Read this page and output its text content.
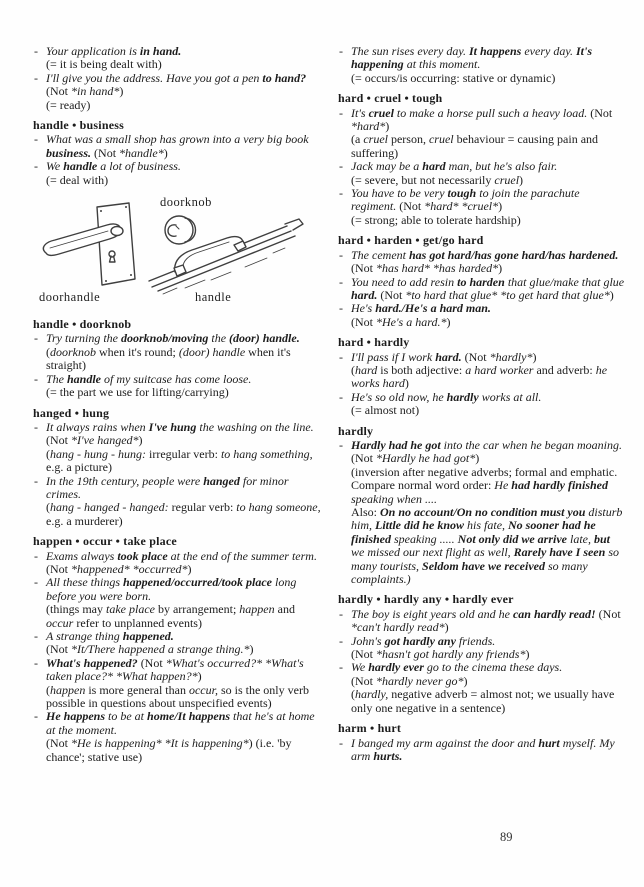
- Your application is in hand.
(= it is being dealt with)
- I'll give you the address. Have you got a pen to hand? (Not *in hand*)
(= ready)
handle • business
- What was a small shop has grown into a very big book business. (Not *handle*)
- We handle a lot of business.
(= deal with)
doorknob
doorhandle	handle
handle • doorknob
- Try turning the doorknob/moving the (door) handle.
(doorknob when it's round; (door) handle when it's straight)
- The handle of my suitcase has come loose.
(= the part we use for lifting/carrying)
hanged • hung
- It always rains when I've hung the washing on the line. (Not *I've hanged*)
(hang - hung - hung: irregular verb: to hang something, e.g. a picture)
- In the 19th century, people were hanged for minor crimes.
(hang - hanged - hanged: regular verb: to hang someone, e.g. a murderer)
happen • occur • take place
- Exams always took place at the end of the summer term. (Not *happened* *occurred*)
- All these things happened/occurred/took place long before you were born.
(things may take place by arrangement; happen and occur refer to unplanned events)
- A strange thing happened.
(Not *It/There happened a strange thing.*)
- What's happened? (Not *What's occurred?* *What's taken place?* *What happen?*)
(happen is more general than occur, so is the only verb possible in questions about unspecified events)
- He happens to be at home/It happens that he's at home at the moment.
(Not *He is happening* *It is happening*) (i.e. 'by chance'; stative use)
- The sun rises every day. It happens every day. It's happening at this moment.
(= occurs/is occurring: stative or dynamic)
hard • cruel • tough
- It's cruel to make a horse pull such a heavy load. (Not *hard*)
(a cruel person, cruel behaviour = causing pain and suffering)
- Jack may be a hard man, but he's also fair.
(= severe, but not necessarily cruel)
- You have to be very tough to join the parachute regiment. (Not *hard* *cruel*)
(= strong; able to tolerate hardship)
hard • harden • get/go hard
- The cement has got hard/has gone hard/has hardened. (Not *has hard* *has harded*)
- You need to add resin to harden that glue/make that glue hard. (Not *to hard that glue* *to get hard that glue*)
- He's hard./He's a hard man.
(Not *He's a hard.*)
hard • hardly
- I'll pass if I work hard. (Not *hardly*)
(hard is both adjective: a hard worker and adverb: he works hard)
- He's so old now, he hardly works at all.
(= almost not)
hardly
- Hardly had he got into the car when he began moaning. (Not *Hardly he had got*)
(inversion after negative adverbs; formal and emphatic. Compare normal word order: He had hardly finished speaking when ....
Also: On no account/On no condition must you disturb him, Little did he know his fate, No sooner had he finished speaking ..... Not only did we arrive late, but we missed our next flight as well, Rarely have I seen so many tourists, Seldom have we received so many complaints.)
hardly • hardly any • hardly ever
- The boy is eight years old and he can hardly read! (Not *can't hardly read*)
- John's got hardly any friends.
(Not *hasn't got hardly any friends*)
- We hardly ever go to the cinema these days.
(Not *hardly never go*)
(hardly, negative adverb = almost not; we usually have only one negative in a sentence)
harm • hurt
- I banged my arm against the door and hurt myself. My arm hurts.
89
